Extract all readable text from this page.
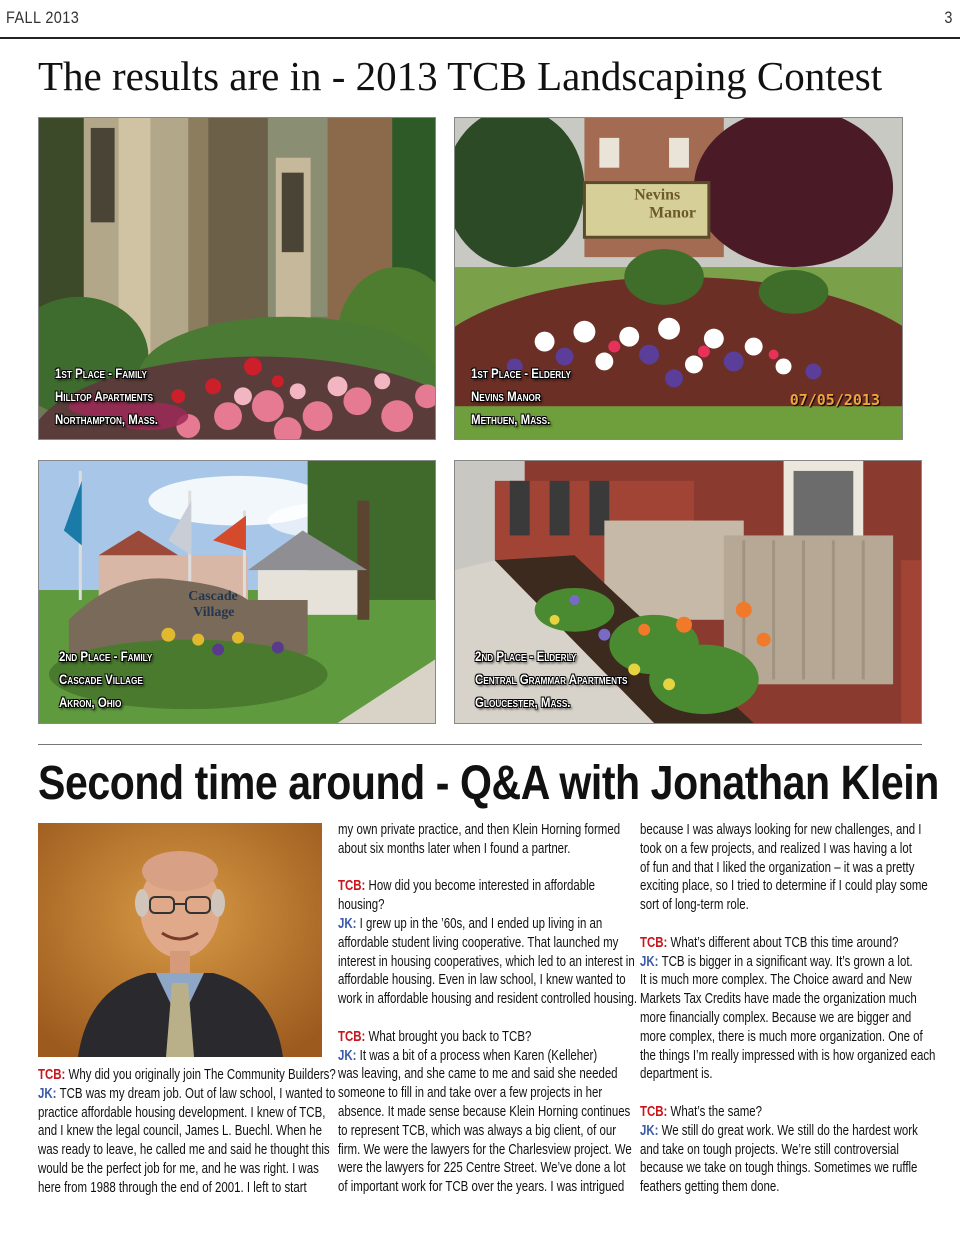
FALL 2013	3
The results are in - 2013 TCB Landscaping Contest
1st Place - Family
Hilltop Apartments
Northampton, Mass.
Nevins
Manor
1st Place - Elderly
Nevins Manor
Methuen, Mass.
07/05/2013
Cascade
Village
2nd Place - Family
Cascade Village
Akron, Ohio
2nd Place - Elderly
Central Grammar Apartments
Gloucester, Mass.
Second time around - Q&A with Jonathan Klein
TCB: Why did you originally join The Community Builders?
JK: TCB was my dream job. Out of law school, I wanted to
practice affordable housing development. I knew of TCB,
and I knew the legal council, James L. Buechl. When he
was ready to leave, he called me and said he thought this
would be the perfect job for me, and he was right. I was
here from 1988 through the end of 2001. I left to start
my own private practice, and then Klein Horning formed
about six months later when I found a partner.
TCB: How did you become interested in affordable
housing?
JK: I grew up in the ’60s, and I ended up living in an
affordable student living cooperative. That launched my
interest in housing cooperatives, which led to an interest in
affordable housing. Even in law school, I knew wanted to
work in affordable housing and resident controlled housing.
TCB: What brought you back to TCB?
JK: It was a bit of a process when Karen (Kelleher)
was leaving, and she came to me and said she needed
someone to fill in and take over a few projects in her
absence. It made sense because Klein Horning continues
to represent TCB, which was always a big client, of our
firm. We were the lawyers for the Charlesview project. We
were the lawyers for 225 Centre Street. We’ve done a lot
of important work for TCB over the years. I was intrigued
because I was always looking for new challenges, and I
took on a few projects, and realized I was having a lot
of fun and that I liked the organization – it was a pretty
exciting place, so I tried to determine if I could play some
sort of long-term role.
TCB: What’s different about TCB this time around?
JK: TCB is bigger in a significant way. It’s grown a lot.
It is much more complex. The Choice award and New
Markets Tax Credits have made the organization much
more financially complex. Because we are bigger and
more complex, there is much more organization. One of
the things I’m really impressed with is how organized each
department is.
TCB: What’s the same?
JK: We still do great work. We still do the hardest work
and take on tough projects. We’re still controversial
because we take on tough things. Sometimes we ruffle
feathers getting them done.
